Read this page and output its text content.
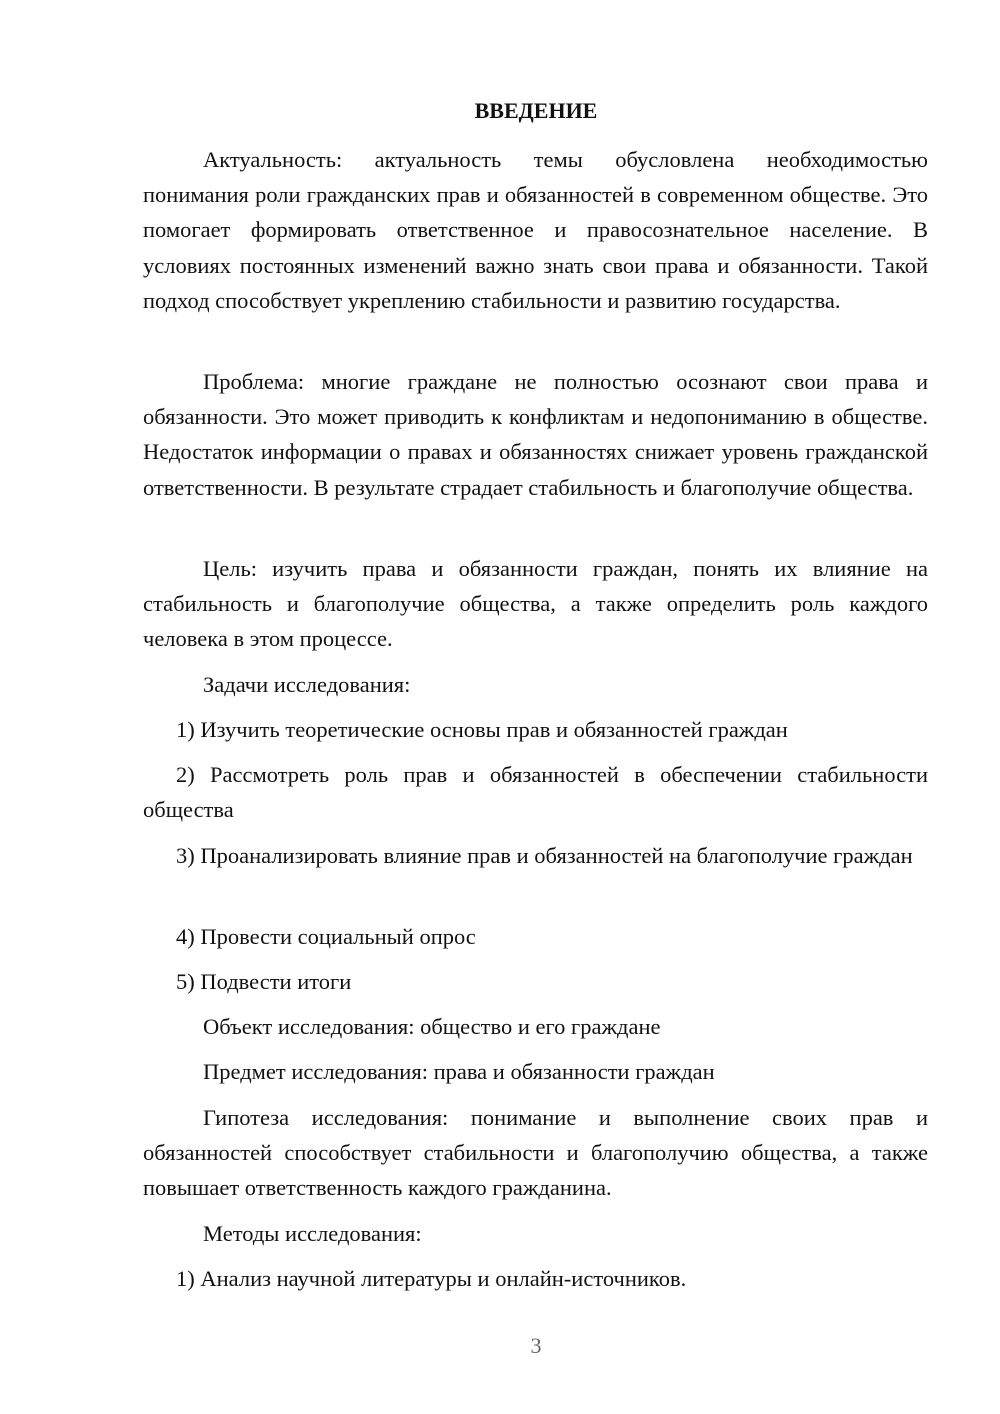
ВВЕДЕНИЕ

Актуальность: актуальность темы обусловлена необходимостью понимания роли гражданских прав и обязанностей в современном обществе. Это помогает формировать ответственное и правосознательное население. В условиях постоянных изменений важно знать свои права и обязанности. Такой подход способствует укреплению стабильности и развитию государства.

Проблема: многие граждане не полностью осознают свои права и обязанности. Это может приводить к конфликтам и недопониманию в обществе. Недостаток информации о правах и обязанностях снижает уровень гражданской ответственности. В результате страдает стабильность и благополучие общества.

Цель: изучить права и обязанности граждан, понять их влияние на стабильность и благополучие общества, а также определить роль каждого человека в этом процессе.

Задачи исследования:

1) Изучить теоретические основы прав и обязанностей граждан

2) Рассмотреть роль прав и обязанностей в обеспечении стабильности общества

3) Проанализировать влияние прав и обязанностей на благополучие граждан

4) Провести социальный опрос

5) Подвести итоги

Объект исследования: общество и его граждане

Предмет исследования: права и обязанности граждан

Гипотеза исследования: понимание и выполнение своих прав и обязанностей способствует стабильности и благополучию общества, а также повышает ответственность каждого гражданина.

Методы исследования:

1) Анализ научной литературы и онлайн-источников.

3
